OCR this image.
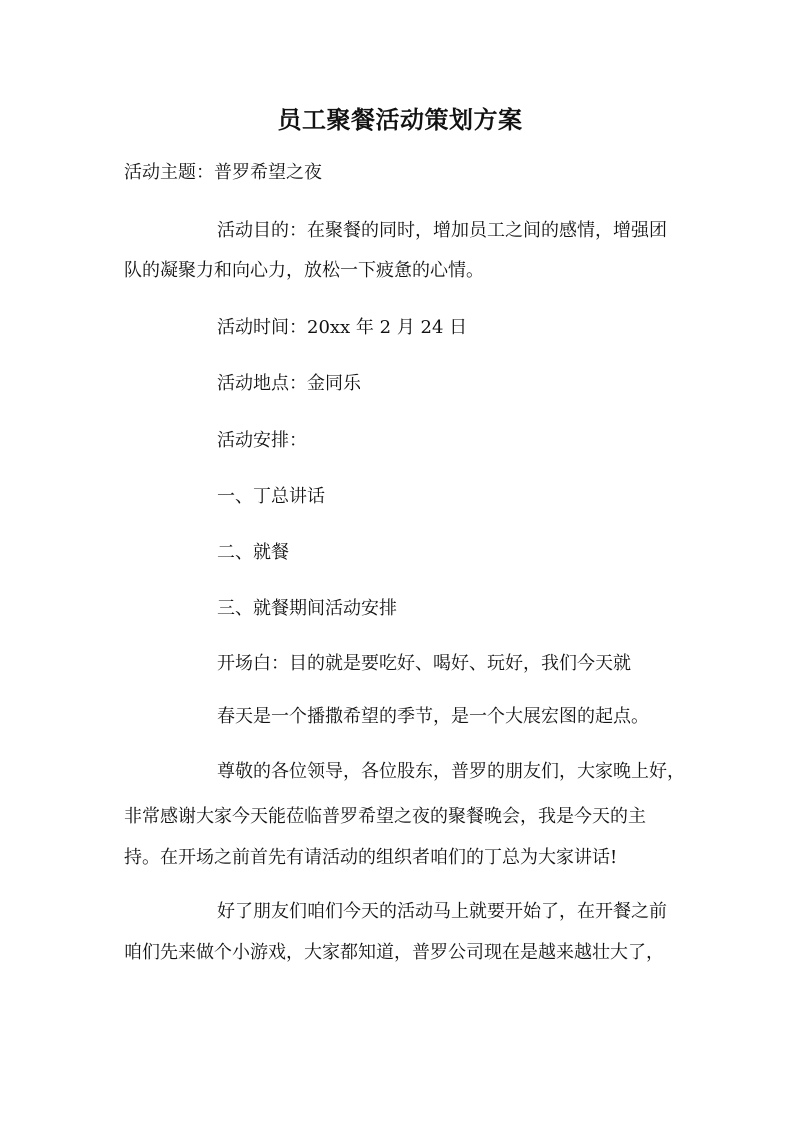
员工聚餐活动策划方案
活动主题：普罗希望之夜
活动目的：在聚餐的同时，增加员工之间的感情，增强团
队的凝聚力和向心力，放松一下疲惫的心情。
活动时间：20xx 年 2 月 24 日
活动地点：金同乐
活动安排：
一、丁总讲话
二、就餐
三、就餐期间活动安排
开场白：目的就是要吃好、喝好、玩好，我们今天就
春天是一个播撒希望的季节，是一个大展宏图的起点。
尊敬的各位领导，各位股东，普罗的朋友们，大家晚上好，
非常感谢大家今天能莅临普罗希望之夜的聚餐晚会，我是今天的主
持。在开场之前首先有请活动的组织者咱们的丁总为大家讲话!
好了朋友们咱们今天的活动马上就要开始了，在开餐之前
咱们先来做个小游戏，大家都知道，普罗公司现在是越来越壮大了，
